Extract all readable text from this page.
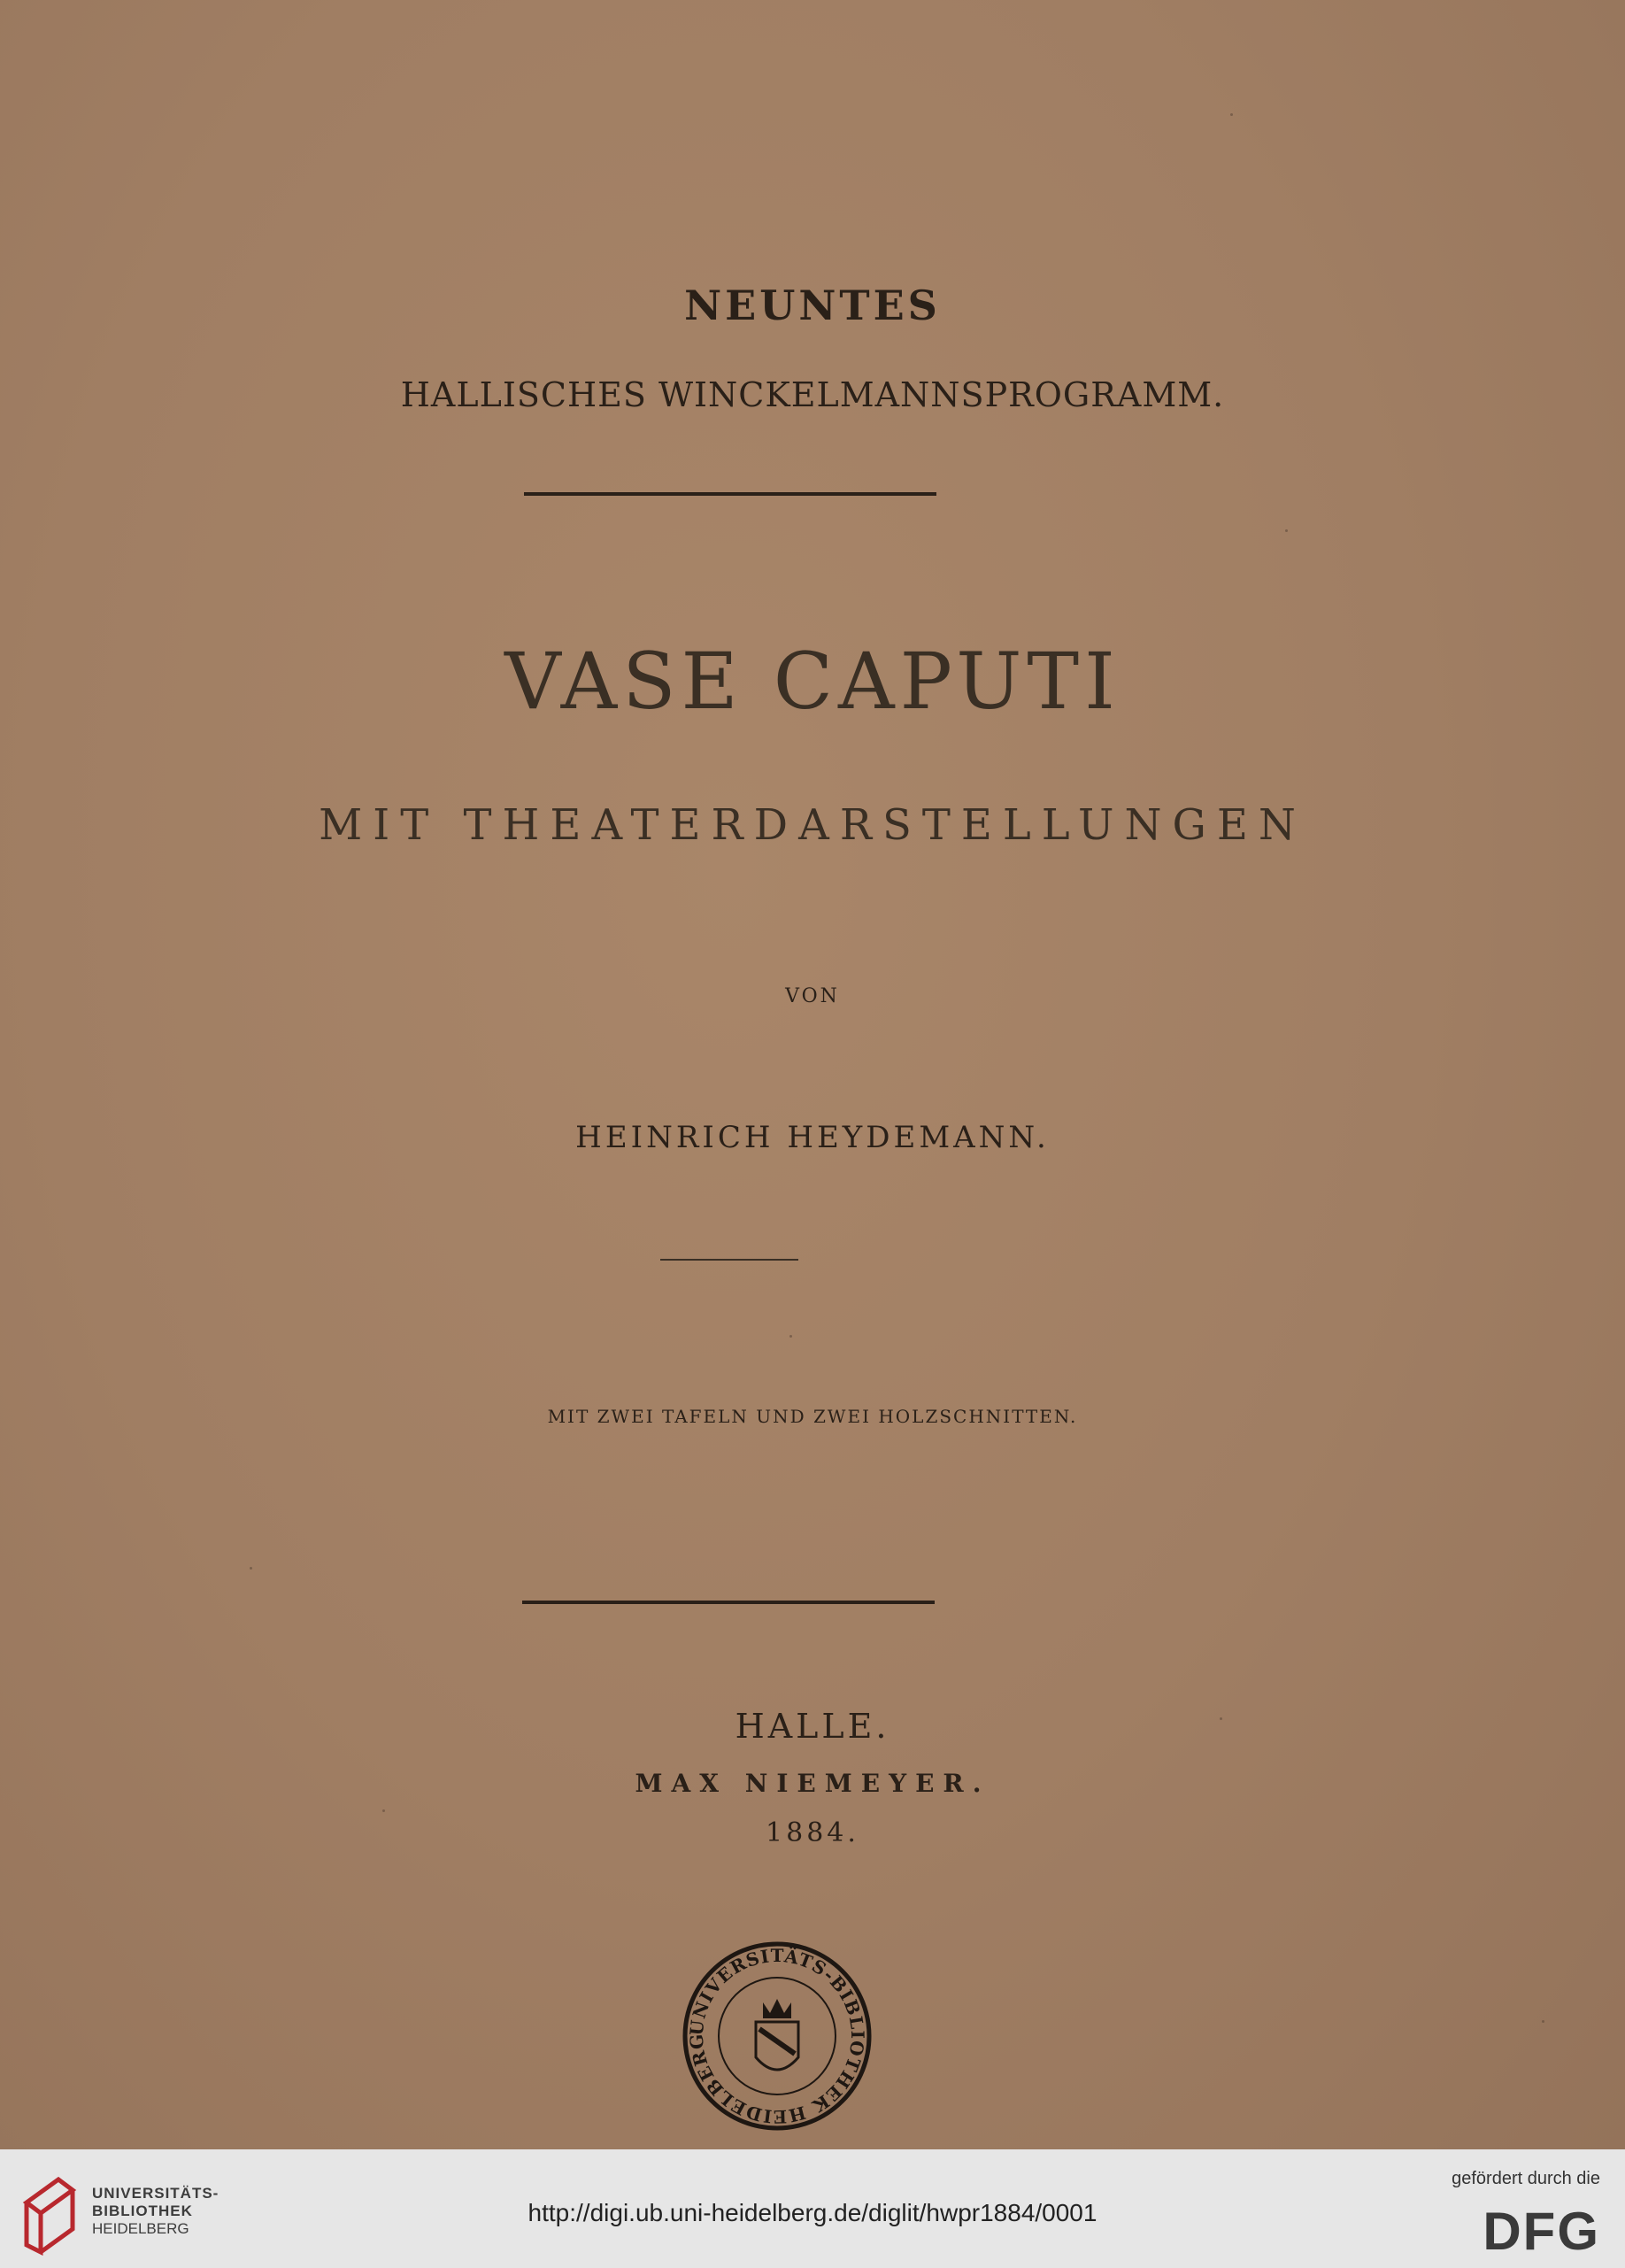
NEUNTES
HALLISCHES WINCKELMANNSPROGRAMM.
VASE CAPUTI
MIT THEATERDARSTELLUNGEN
VON
HEINRICH HEYDEMANN.
MIT ZWEI TAFELN UND ZWEI HOLZSCHNITTEN.
HALLE.
MAX NIEMEYER.
1884.
UNIVERSITÄTS-BIBLIOTHEK HEIDELBERG
UNIVERSITÄTS-
BIBLIOTHEK
HEIDELBERG
http://digi.ub.uni-heidelberg.de/diglit/hwpr1884/0001
gefördert durch die
DFG
